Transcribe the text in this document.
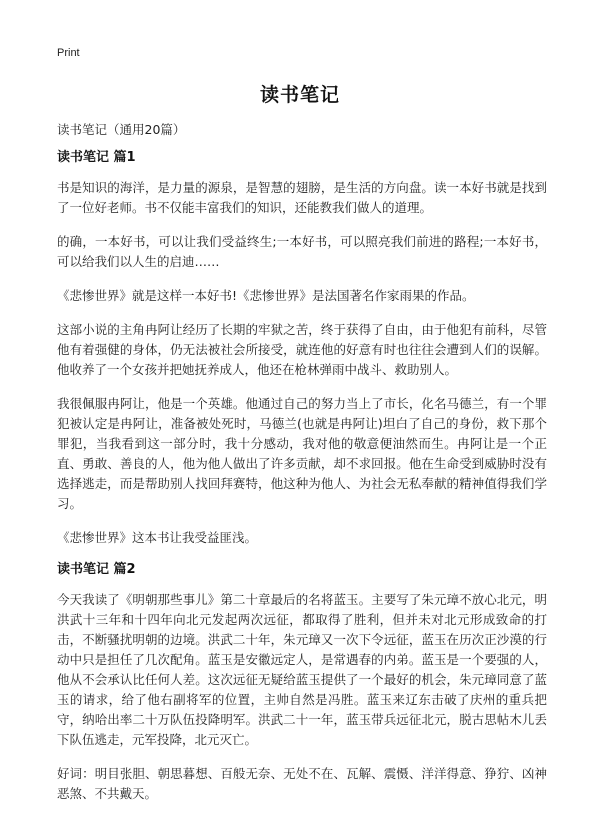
Print
读书笔记
读书笔记（通用20篇）
读书笔记 篇1

书是知识的海洋，是力量的源泉，是智慧的翅膀，是生活的方向盘。读一本好书就是找到了一位好老师。书不仅能丰富我们的知识，还能教我们做人的道理。

的确，一本好书，可以让我们受益终生;一本好书，可以照亮我们前进的路程;一本好书，可以给我们以人生的启迪……

《悲惨世界》就是这样一本好书!《悲惨世界》是法国著名作家雨果的作品。

这部小说的主角冉阿让经历了长期的牢狱之苦，终于获得了自由，由于他犯有前科，尽管他有着强健的身体，仍无法被社会所接受，就连他的好意有时也往往会遭到人们的误解。他收养了一个女孩并把她抚养成人，他还在枪林弹雨中战斗、救助别人。

我很佩服冉阿让，他是一个英雄。他通过自己的努力当上了市长，化名马德兰，有一个罪犯被认定是冉阿让，准备被处死时，马德兰(也就是冉阿让)坦白了自己的身份，救下那个罪犯，当我看到这一部分时，我十分感动，我对他的敬意便油然而生。冉阿让是一个正直、勇敢、善良的人，他为他人做出了许多贡献，却不求回报。他在生命受到威胁时没有选择逃走，而是帮助别人找回拜赛特，他这种为他人、为社会无私奉献的精神值得我们学习。

《悲惨世界》这本书让我受益匪浅。

读书笔记 篇2

今天我读了《明朝那些事儿》第二十章最后的名将蓝玉。主要写了朱元璋不放心北元，明洪武十三年和十四年向北元发起两次远征，都取得了胜利，但并未对北元形成致命的打击，不断骚扰明朝的边境。洪武二十年，朱元璋又一次下令远征，蓝玉在历次正沙漠的行动中只是担任了几次配角。蓝玉是安徽远定人，是常遇春的内弟。蓝玉是一个要强的人，他从不会承认比任何人差。这次远征无疑给蓝玉提供了一个最好的机会，朱元璋同意了蓝玉的请求，给了他右副将军的位置，主帅自然是冯胜。蓝玉来辽东击破了庆州的重兵把守，纳哈出率二十万队伍投降明军。洪武二十一年，蓝玉带兵远征北元，脱古思帖木儿丢下队伍逃走，元军投降，北元灭亡。

好词：明目张胆、朝思暮想、百般无奈、无处不在、瓦解、震慑、洋洋得意、狰狞、凶神恶煞、不共戴天。
